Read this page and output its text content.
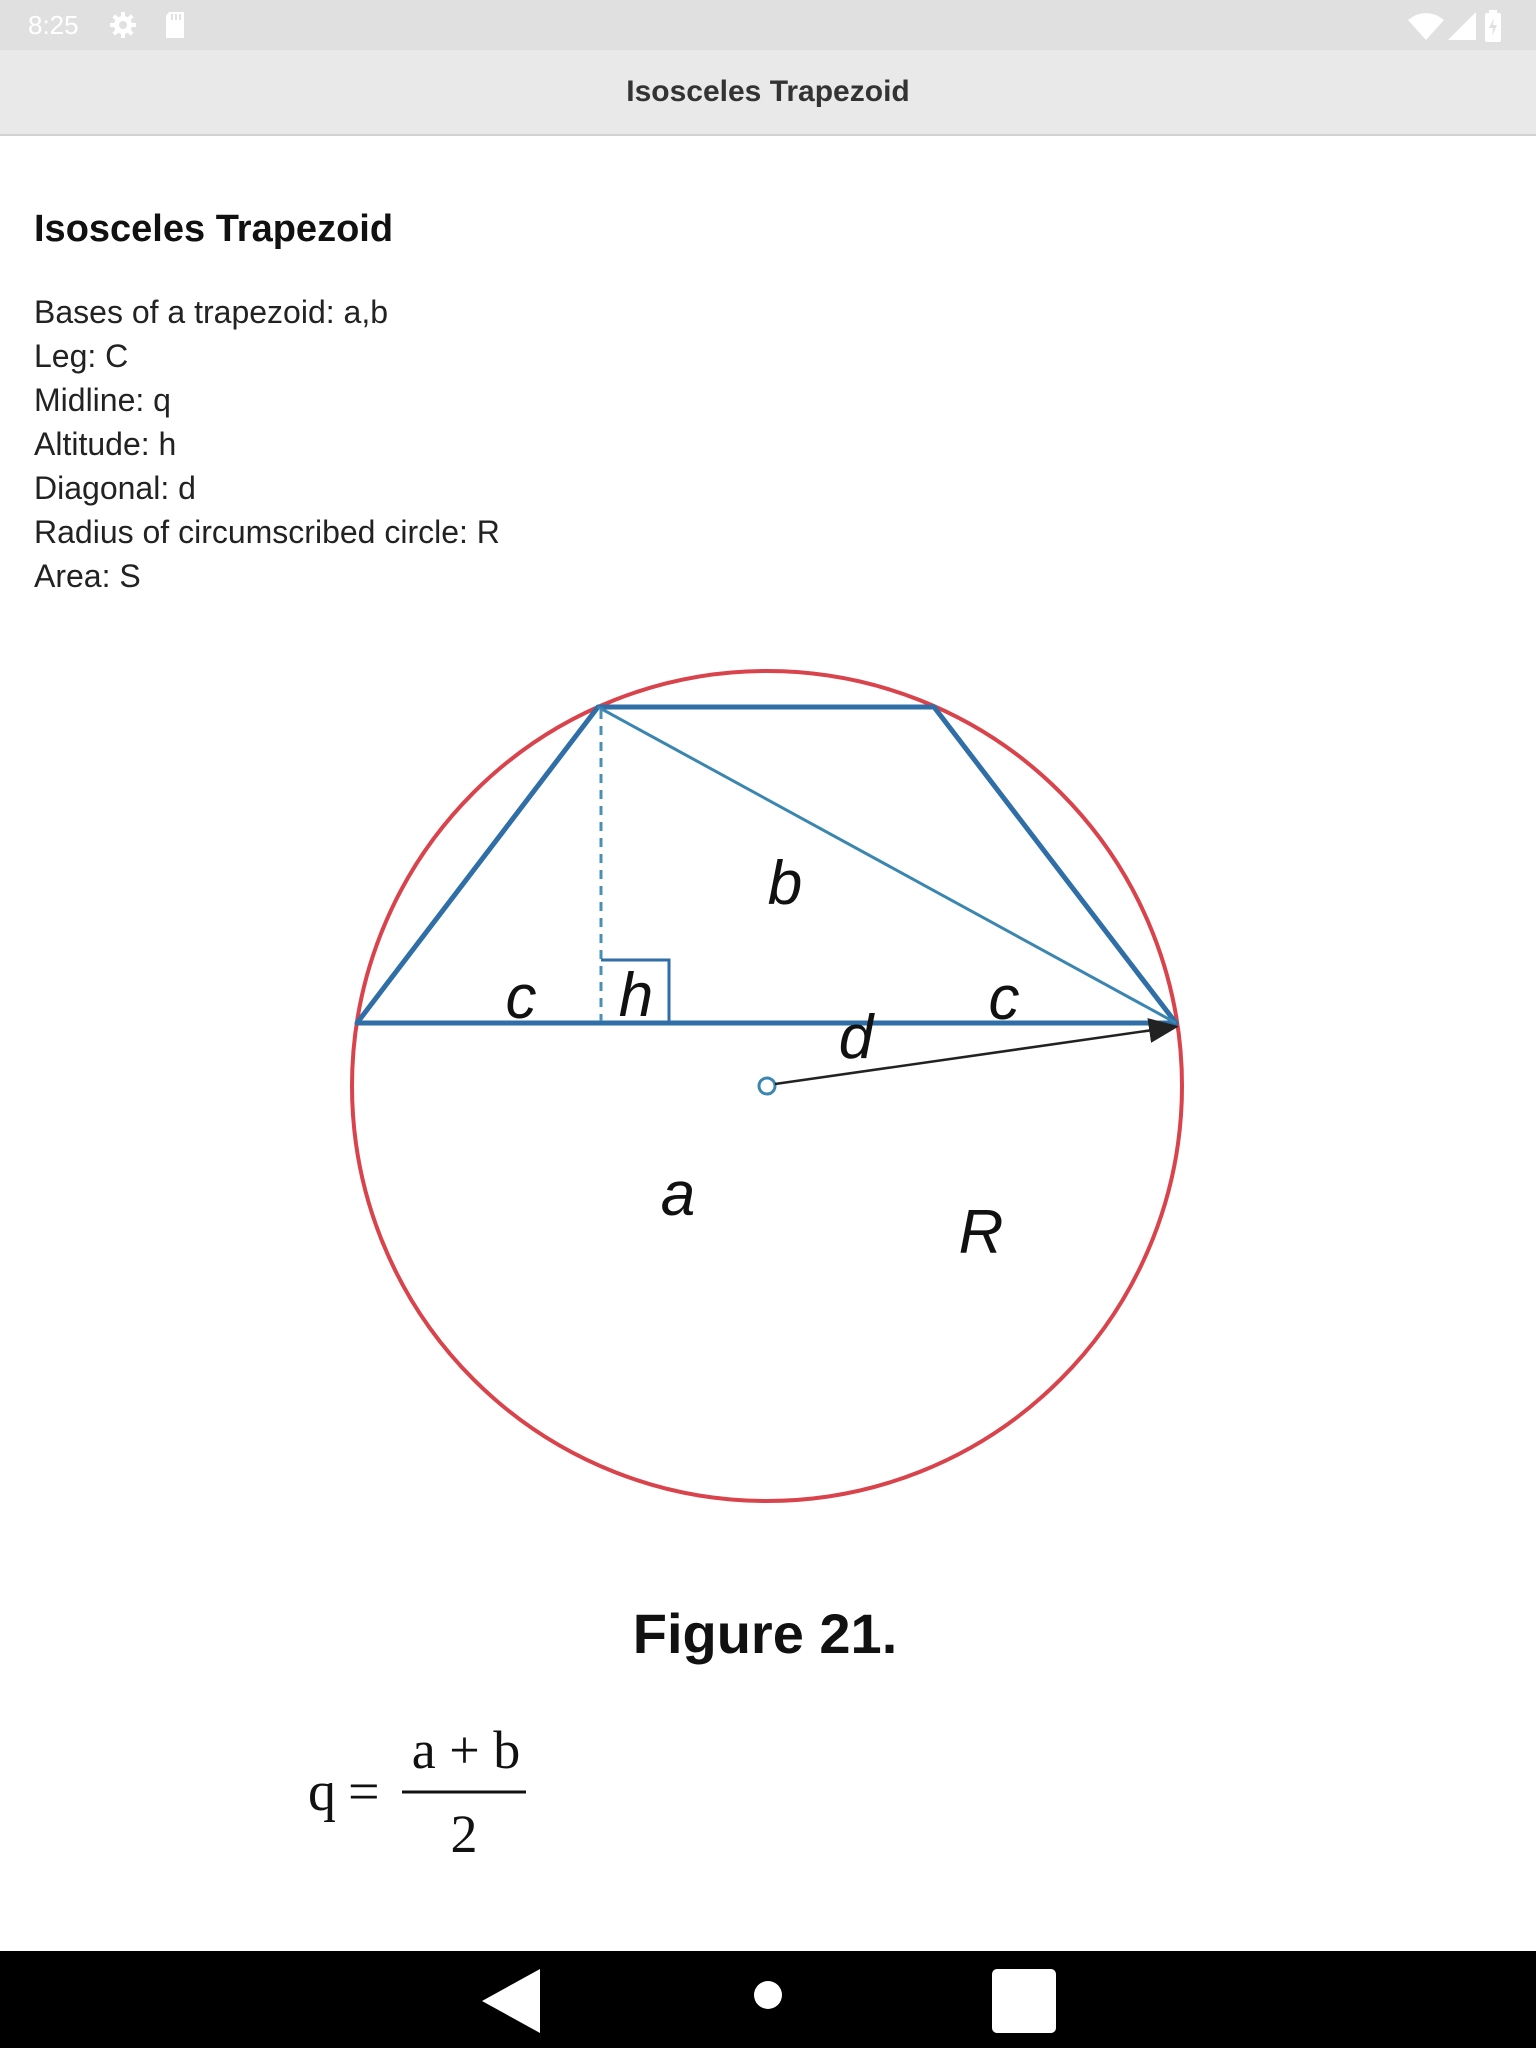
8:25
Isosceles Trapezoid
Isosceles Trapezoid
Bases of a trapezoid: a,b
Leg: C
Midline: q
Altitude: h
Diagonal: d
Radius of circumscribed circle: R
Area: S
b
c h
d
c
a
R
Figure 21.
q =
a + b
2
